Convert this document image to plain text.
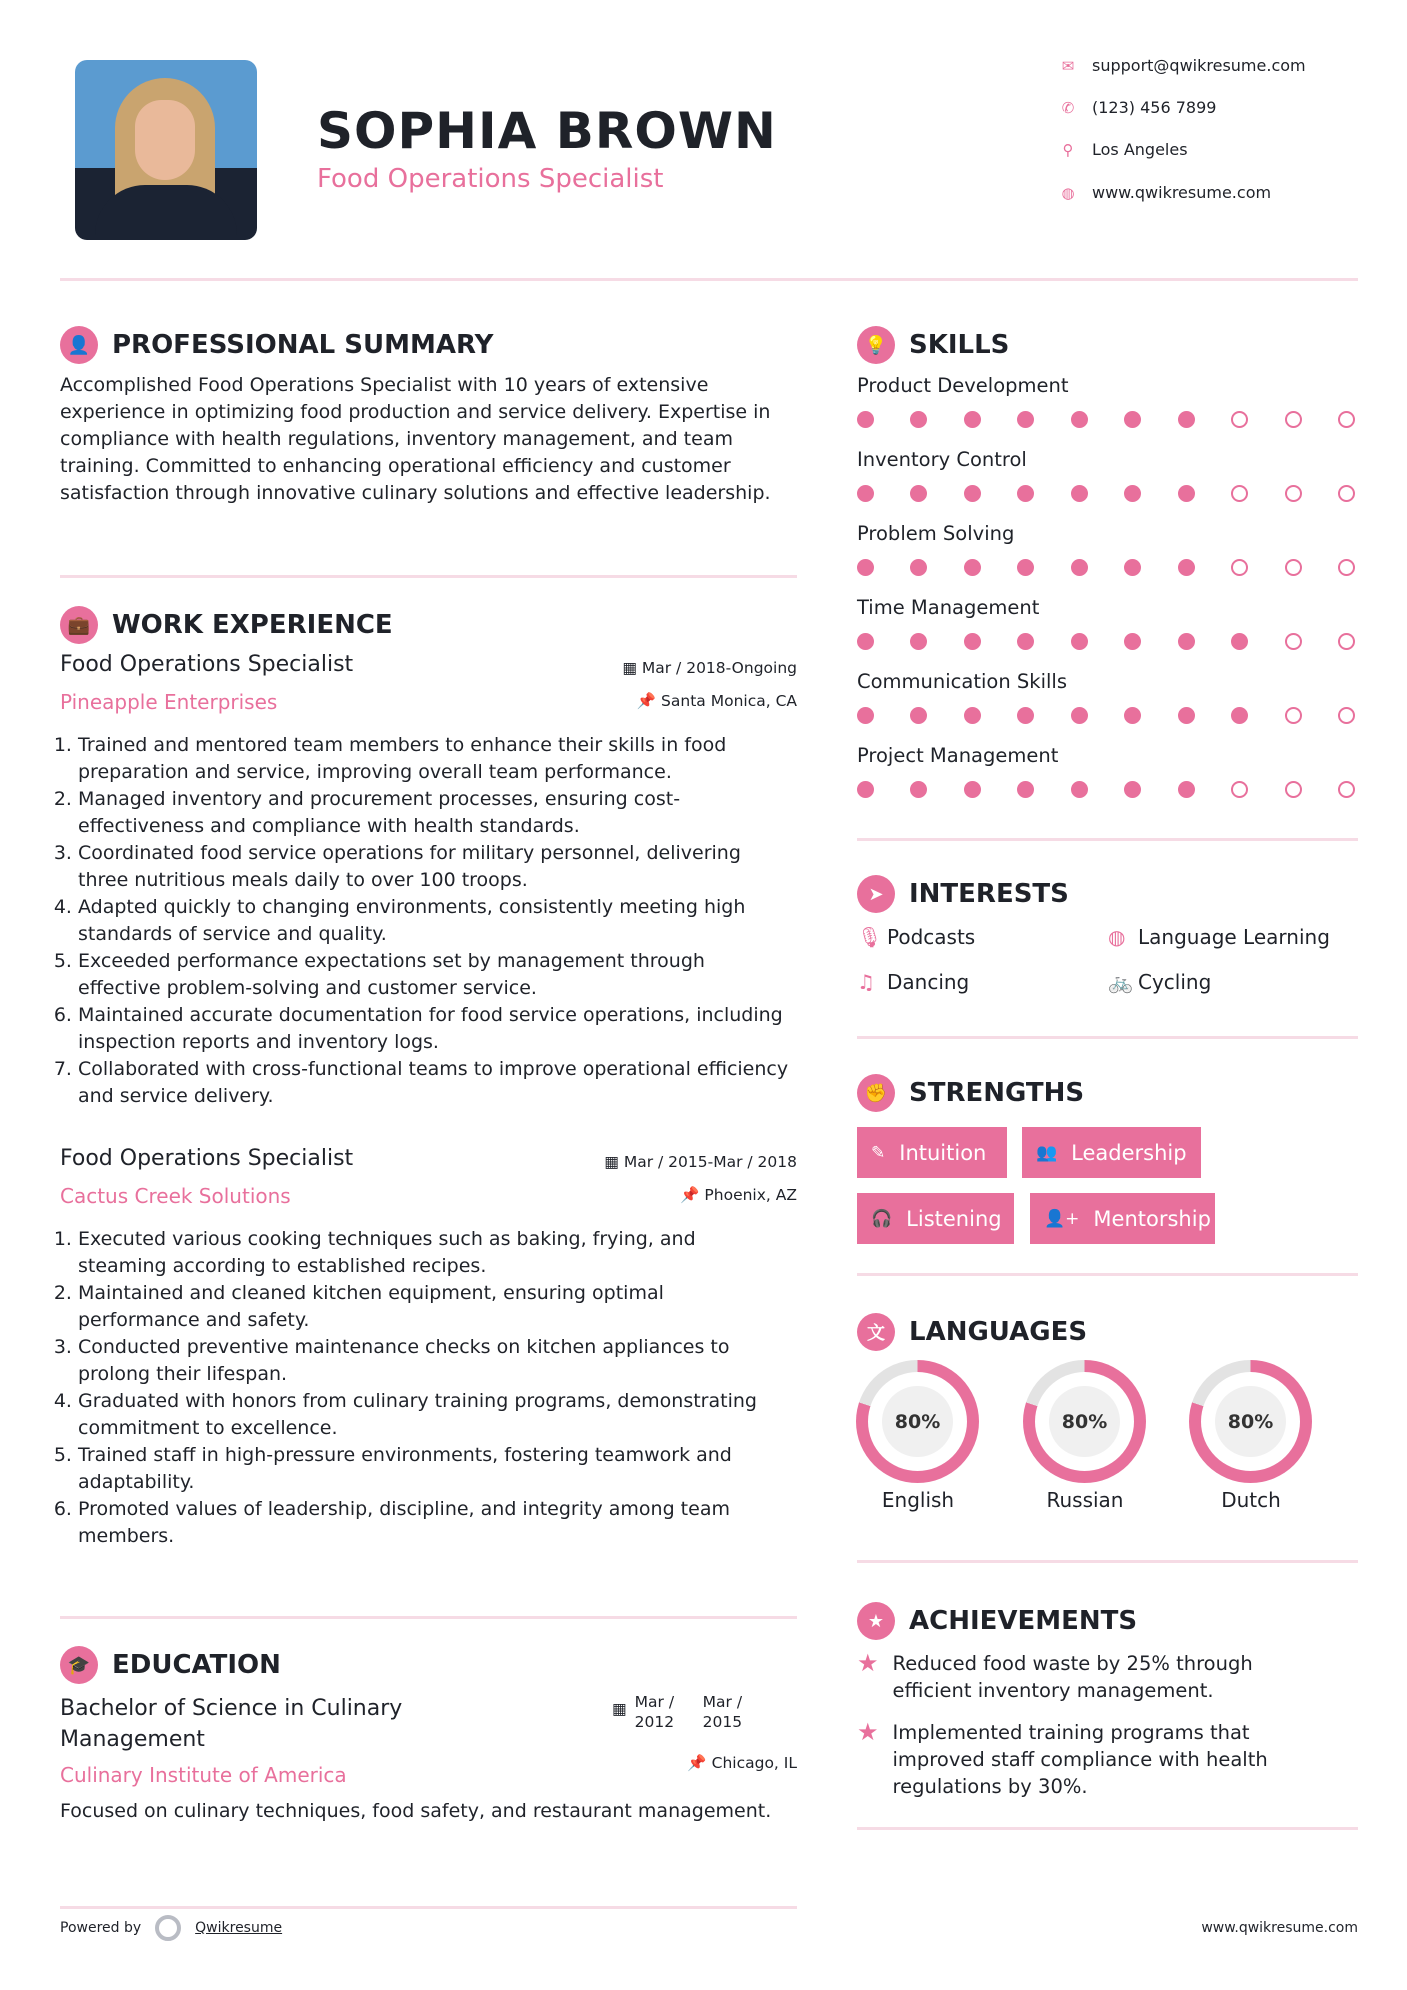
SOPHIA BROWN
Food Operations Specialist
✉ support@qwikresume.com
✆ (123) 456 7899
⚲ Los Angeles
◍ www.qwikresume.com
👤 PROFESSIONAL SUMMARY
Accomplished Food Operations Specialist with 10 years of extensive experience in optimizing food production and service delivery. Expertise in compliance with health regulations, inventory management, and team training. Committed to enhancing operational efficiency and customer satisfaction through innovative culinary solutions and effective leadership.
💼 WORK EXPERIENCE
Food Operations Specialist	▦ Mar / 2018-Ongoing
Pineapple Enterprises	📌 Santa Monica, CA
1. Trained and mentored team members to enhance their skills in food preparation and service, improving overall team performance.
2. Managed inventory and procurement processes, ensuring cost-effectiveness and compliance with health standards.
3. Coordinated food service operations for military personnel, delivering three nutritious meals daily to over 100 troops.
4. Adapted quickly to changing environments, consistently meeting high standards of service and quality.
5. Exceeded performance expectations set by management through effective problem-solving and customer service.
6. Maintained accurate documentation for food service operations, including inspection reports and inventory logs.
7. Collaborated with cross-functional teams to improve operational efficiency and service delivery.
Food Operations Specialist	▦ Mar / 2015-Mar / 2018
Cactus Creek Solutions	📌 Phoenix, AZ
1. Executed various cooking techniques such as baking, frying, and steaming according to established recipes.
2. Maintained and cleaned kitchen equipment, ensuring optimal performance and safety.
3. Conducted preventive maintenance checks on kitchen appliances to prolong their lifespan.
4. Graduated with honors from culinary training programs, demonstrating commitment to excellence.
5. Trained staff in high-pressure environments, fostering teamwork and adaptability.
6. Promoted values of leadership, discipline, and integrity among team members.
🎓 EDUCATION
Bachelor of Science in Culinary Management
▦ Mar / 2012
Mar / 2015
Culinary Institute of America	📌 Chicago, IL
Focused on culinary techniques, food safety, and restaurant management.
Powered by	Qwikresume	www.qwikresume.com
💡 SKILLS
Product Development
Inventory Control
Problem Solving
Time Management
Communication Skills
Project Management
➤ INTERESTS
🎙 Podcasts	◍ Language Learning
♫ Dancing	🚲 Cycling
✊ STRENGTHS
✎ Intuition	👥 Leadership
🎧 Listening 👤+ Mentorship
文 LANGUAGES
80%
English
80%
Russian
80%
Dutch
★ ACHIEVEMENTS
★ Reduced food waste by 25% through efficient inventory management.
★ Implemented training programs that improved staff compliance with health regulations by 30%.
